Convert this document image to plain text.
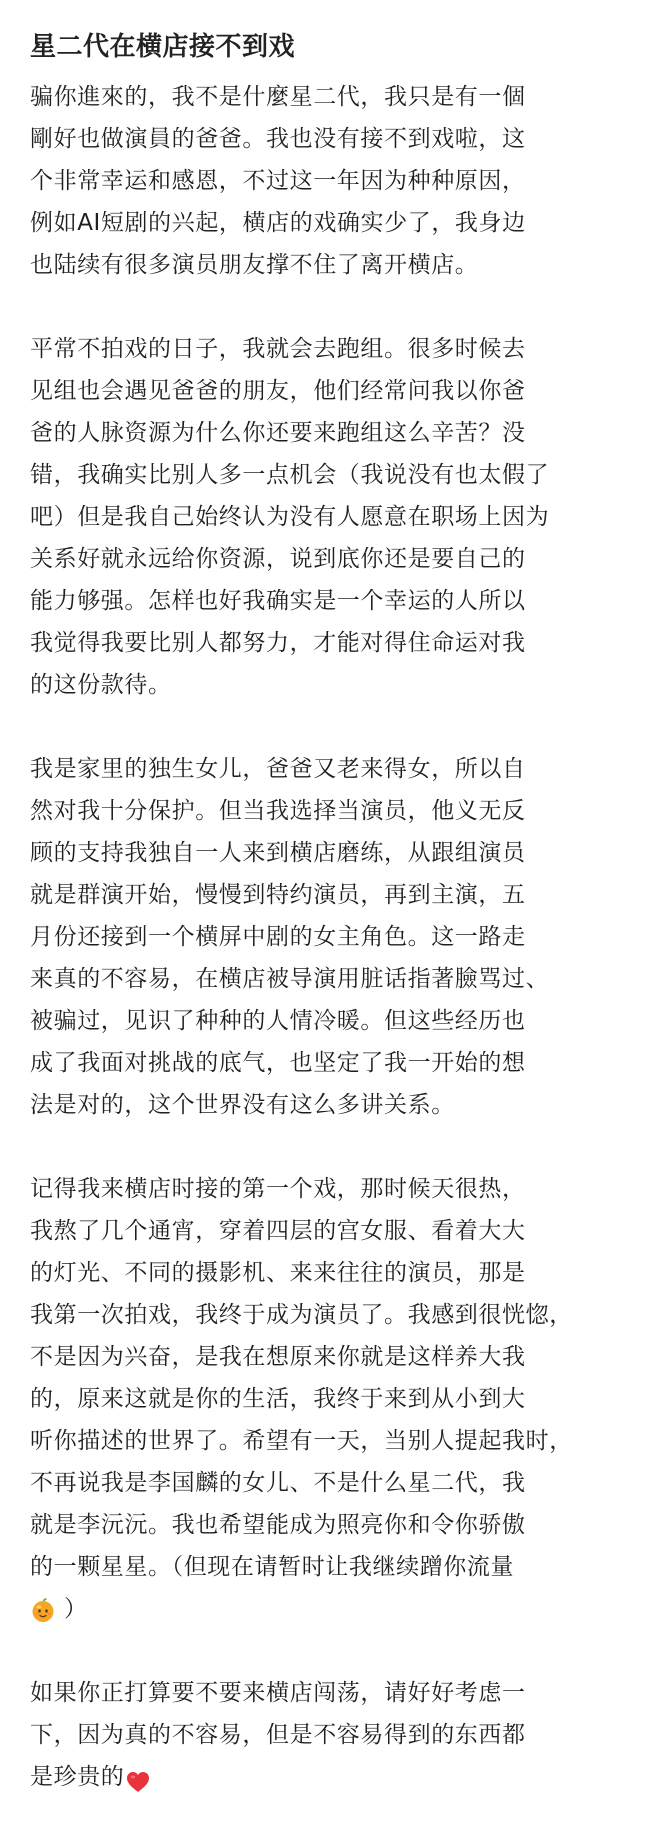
星二代在横店接不到戏
骗你進來的，我不是什麼星二代，我只是有一個
剛好也做演員的爸爸。我也没有接不到戏啦，这
个非常幸运和感恩，不过这一年因为种种原因，
例如AI短剧的兴起，横店的戏确实少了，我身边
也陆续有很多演员朋友撑不住了离开横店。
平常不拍戏的日子，我就会去跑组。很多时候去
见组也会遇见爸爸的朋友，他们经常问我以你爸
爸的人脉资源为什么你还要来跑组这么辛苦？没
错，我确实比别人多一点机会（我说没有也太假了
吧）但是我自己始终认为没有人愿意在职场上因为
关系好就永远给你资源，说到底你还是要自己的
能力够强。怎样也好我确实是一个幸运的人所以
我觉得我要比别人都努力，才能对得住命运对我
的这份款待。
我是家里的独生女儿，爸爸又老来得女，所以自
然对我十分保护。但当我选择当演员，他义无反
顾的支持我独自一人来到横店磨练，从跟组演员
就是群演开始，慢慢到特约演员，再到主演，五
月份还接到一个横屏中剧的女主角色。这一路走
来真的不容易，在横店被导演用脏话指著臉骂过、
被骗过，见识了种种的人情冷暖。但这些经历也
成了我面对挑战的底气，也坚定了我一开始的想
法是对的，这个世界没有这么多讲关系。
记得我来横店时接的第一个戏，那时候天很热，
我熬了几个通宵，穿着四层的宫女服、看着大大
的灯光、不同的摄影机、来来往往的演员，那是
我第一次拍戏，我终于成为演员了。我感到很恍惚，
不是因为兴奋，是我在想原来你就是这样养大我
的，原来这就是你的生活，我终于来到从小到大
听你描述的世界了。希望有一天，当别人提起我时，
不再说我是李国麟的女儿、不是什么星二代，我
就是李沅沅。我也希望能成为照亮你和令你骄傲
的一颗星星。（但现在请暂时让我继续蹭你流量
）
如果你正打算要不要来横店闯荡，请好好考虑一
下，因为真的不容易，但是不容易得到的东西都
是珍贵的
